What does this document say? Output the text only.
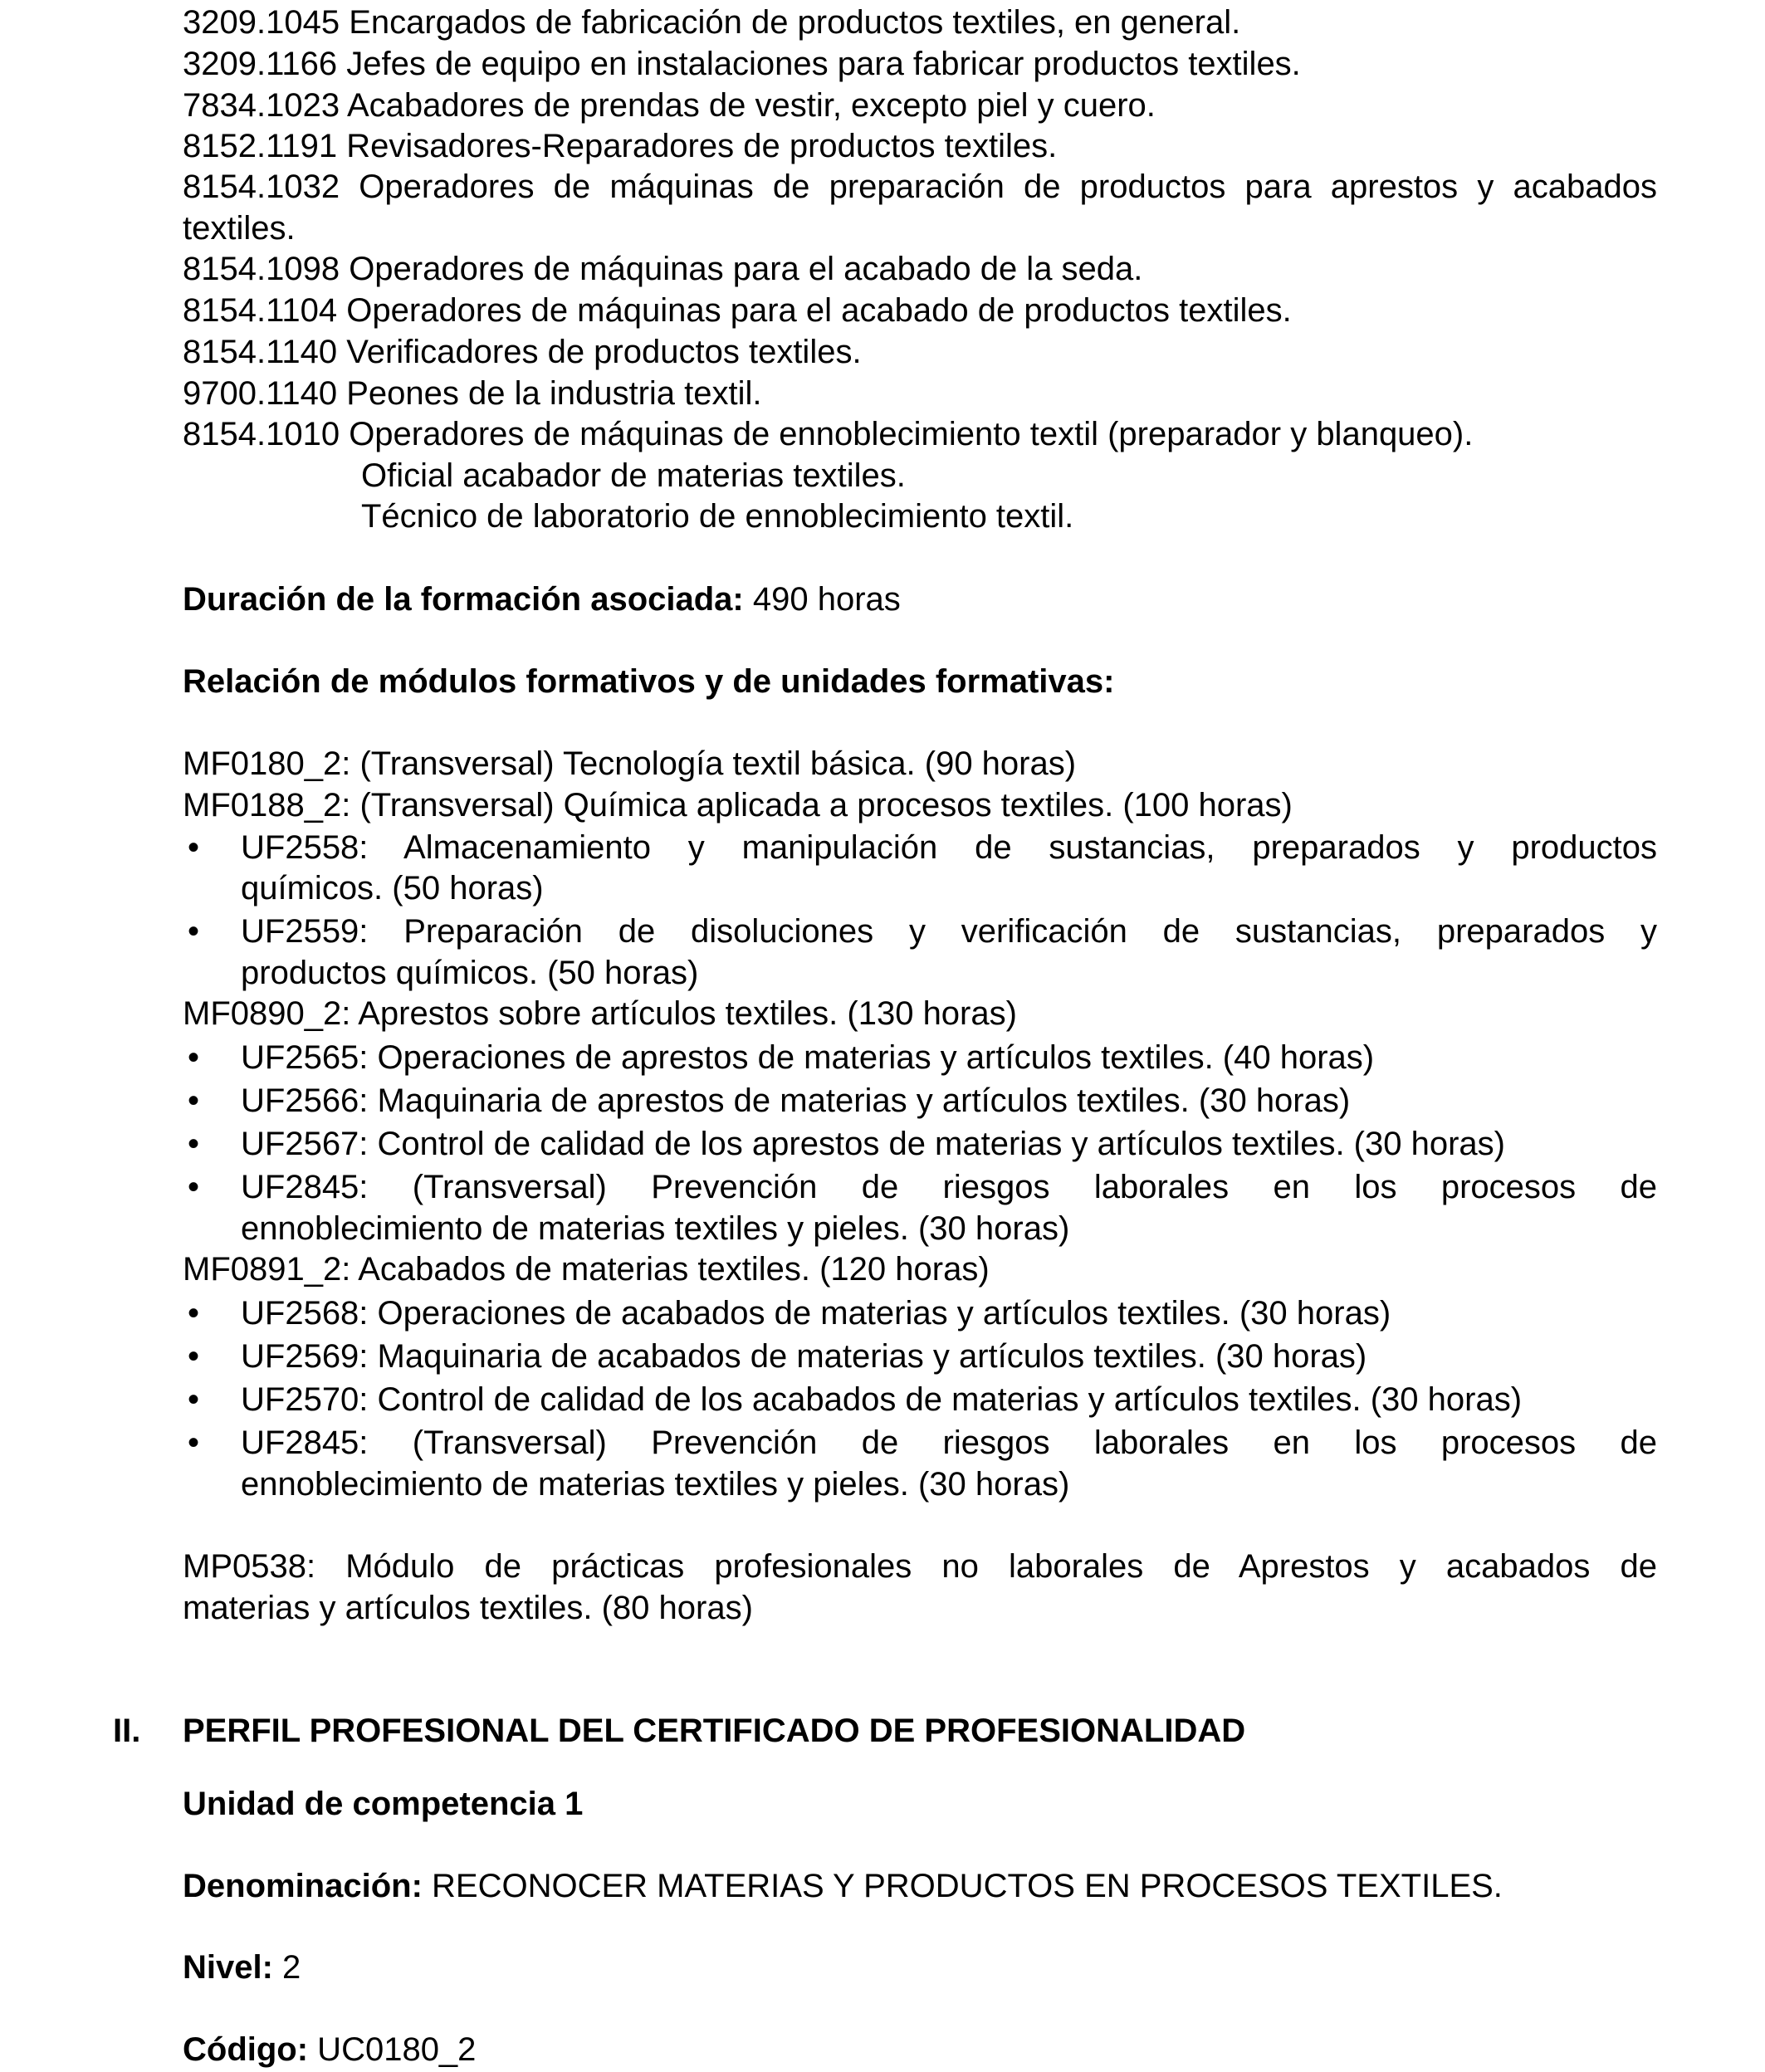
3209.1045 Encargados de fabricación de productos textiles, en general.
3209.1166 Jefes de equipo en instalaciones para fabricar productos textiles.
7834.1023 Acabadores de prendas de vestir, excepto piel y cuero.
8152.1191 Revisadores-Reparadores de productos textiles.
8154.1032 Operadores de máquinas de preparación de productos para aprestos y acabados
textiles.
8154.1098 Operadores de máquinas para el acabado de la seda.
8154.1104 Operadores de máquinas para el acabado de productos textiles.
8154.1140 Verificadores de productos textiles.
9700.1140 Peones de la industria textil.
8154.1010 Operadores de máquinas de ennoblecimiento textil (preparador y blanqueo).
Oficial acabador de materias textiles.
Técnico de laboratorio de ennoblecimiento textil.
Duración de la formación asociada: 490 horas
Relación de módulos formativos y de unidades formativas:
MF0180_2: (Transversal) Tecnología textil básica. (90 horas)
MF0188_2: (Transversal) Química aplicada a procesos textiles. (100 horas)
• UF2558: Almacenamiento y manipulación de sustancias, preparados y productos
químicos. (50 horas)
• UF2559: Preparación de disoluciones y verificación de sustancias, preparados y
productos químicos. (50 horas)
MF0890_2: Aprestos sobre artículos textiles. (130 horas)
• UF2565: Operaciones de aprestos de materias y artículos textiles. (40 horas)
• UF2566: Maquinaria de aprestos de materias y artículos textiles. (30 horas)
• UF2567: Control de calidad de los aprestos de materias y artículos textiles. (30 horas)
• UF2845: (Transversal) Prevención de riesgos laborales en los procesos de
ennoblecimiento de materias textiles y pieles. (30 horas)
MF0891_2: Acabados de materias textiles. (120 horas)
• UF2568: Operaciones de acabados de materias y artículos textiles. (30 horas)
• UF2569: Maquinaria de acabados de materias y artículos textiles. (30 horas)
• UF2570: Control de calidad de los acabados de materias y artículos textiles. (30 horas)
• UF2845: (Transversal) Prevención de riesgos laborales en los procesos de
ennoblecimiento de materias textiles y pieles. (30 horas)
MP0538: Módulo de prácticas profesionales no laborales de Aprestos y acabados de
materias y artículos textiles. (80 horas)
II. PERFIL PROFESIONAL DEL CERTIFICADO DE PROFESIONALIDAD
Unidad de competencia 1
Denominación: RECONOCER MATERIAS Y PRODUCTOS EN PROCESOS TEXTILES.
Nivel: 2
Código: UC0180_2
